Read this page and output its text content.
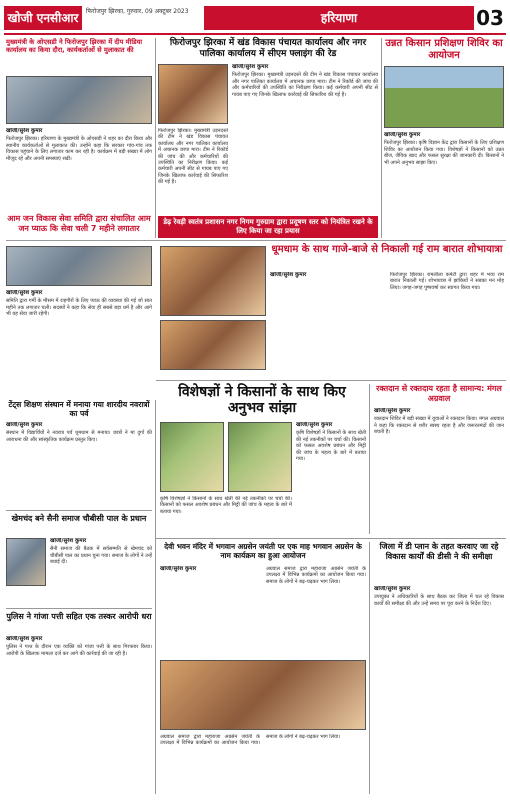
खोजी एनसीआर	फिरोजपुर झिरका, गुरुवार, 09 अक्टूबर 2023	हरियाणा	03
मुख्यमंत्री के ओएसडी ने फिरोजपुर झिरका में दीप मीडिया कार्यालय का किया दौरा, कार्यकर्ताओं से मुलाकात की
खोजी/सुरेश कुमार
फिरोजपुर झिरका। हरियाणा के मुख्यमंत्री के ओएसडी ने शहर का दौरा किया और स्थानीय कार्यकर्ताओं से मुलाकात की। उन्होंने कहा कि सरकार गांव-गांव तक विकास पहुंचाने के लिए लगातार काम कर रही है। कार्यक्रम में बड़ी संख्या में लोग मौजूद रहे और अपनी समस्याएं रखीं।
फिरोजपुर झिरका में खंड विकास पंचायत कार्यालय और नगर पालिका कार्यालय में सीएम फ्लाइंग की रेड
खोजी/सुरेश कुमार
फिरोजपुर झिरका। मुख्यमंत्री उड़नदस्ते की टीम ने खंड विकास पंचायत कार्यालय और नगर पालिका कार्यालय में अचानक छापा मारा। टीम ने रिकॉर्ड की जांच की और कर्मचारियों की उपस्थिति का निरीक्षण किया। कई कर्मचारी अपनी सीट से गायब पाए गए जिनके खिलाफ कार्रवाई की सिफारिश की गई है।
फिरोजपुर झिरका। मुख्यमंत्री उड़नदस्ते की टीम ने खंड विकास पंचायत कार्यालय और नगर पालिका कार्यालय में अचानक छापा मारा। टीम ने रिकॉर्ड की जांच की और कर्मचारियों की उपस्थिति का निरीक्षण किया। कई कर्मचारी अपनी सीट से गायब पाए गए जिनके खिलाफ कार्रवाई की सिफारिश की गई है।
डेढ़ रेवड़ी स्वतंत्र प्रशासन नगर निगम गुरुग्राम द्वारा प्रदूषण स्तर को नियंत्रित रखने के लिए किया जा रहा प्रयास
उन्नत किसान प्रशिक्षण शिविर का आयोजन
खोजी/सुरेश कुमार
फिरोजपुर झिरका। कृषि विज्ञान केंद्र द्वारा किसानों के लिए प्रशिक्षण शिविर का आयोजन किया गया। विशेषज्ञों ने किसानों को उन्नत बीज, जैविक खाद और फसल सुरक्षा की जानकारी दी। किसानों ने भी अपने अनुभव साझा किए।
आम जन विकास सेवा समिति द्वारा संचालित आम जन प्याऊ कि सेवा चली 7 महीने लगातार
खोजी/सुरेश कुमार
समिति द्वारा गर्मी के मौसम में राहगीरों के लिए प्याऊ की व्यवस्था की गई जो सात महीने तक लगातार चली। सदस्यों ने कहा कि सेवा ही सबसे बड़ा धर्म है और आगे भी यह सेवा जारी रहेगी।
धूमधाम के साथ गाजे-बाजे से निकाली गई राम बारात शोभायात्रा
खोजी/सुरेश कुमार	फिरोजपुर झिरका। रामलीला कमेटी द्वारा शहर में भव्य राम बारात निकाली गई। शोभायात्रा में झांकियों ने सबका मन मोह लिया। जगह-जगह पुष्पवर्षा कर स्वागत किया गया।
टेंट्स शिक्षण संस्थान में मनाया गया शारदीय नवरात्रों का पर्व
खोजी/सुरेश कुमार
संस्थान में विद्यार्थियों ने नवरात्र पर्व धूमधाम से मनाया। छात्रों ने मां दुर्गा की आराधना की और सांस्कृतिक कार्यक्रम प्रस्तुत किए।
विशेषज्ञों ने किसानों के साथ किए अनुभव सांझा
खोजी/सुरेश कुमार
कृषि विशेषज्ञों ने किसानों के साथ खेती की नई तकनीकों पर चर्चा की। किसानों को फसल अवशेष प्रबंधन और मिट्टी की जांच के महत्व के बारे में बताया गया।
कृषि विशेषज्ञों ने किसानों के साथ खेती की नई तकनीकों पर चर्चा की। किसानों को फसल अवशेष प्रबंधन और मिट्टी की जांच के महत्व के बारे में बताया गया।
रक्तदान से रक्तदाय रहता है सामान्य: मंगल अग्रवाल
खोजी/सुरेश कुमार
रक्तदान शिविर में बड़ी संख्या में युवाओं ने रक्तदान किया। मंगल अग्रवाल ने कहा कि रक्तदान से शरीर स्वस्थ रहता है और जरूरतमंदों की जान बचती है।
खेमचंद बने सैनी समाज चौबीसी पाल के प्रधान
खोजी/सुरेश कुमार
सैनी समाज की बैठक में सर्वसम्मति से खेमचंद को चौबीसी पाल का प्रधान चुना गया। समाज के लोगों ने उन्हें बधाई दी।
पुलिस ने गांजा पत्ती सहित एक तस्कर आरोपी धरा
खोजी/सुरेश कुमार
पुलिस ने गश्त के दौरान एक व्यक्ति को गांजा पत्ती के साथ गिरफ्तार किया। आरोपी के खिलाफ मामला दर्ज कर आगे की कार्रवाई की जा रही है।
देवी भवन मंदिर में भगवान अग्रसेन जयंती पर एक माह भगवान अग्रसेन के नाम कार्यक्रम का हुआ आयोजन
खोजी/सुरेश कुमार	अग्रवाल समाज द्वारा महाराजा अग्रसेन जयंती के उपलक्ष्य में विभिन्न कार्यक्रमों का आयोजन किया गया। समाज के लोगों ने बढ़-चढ़कर भाग लिया।
अग्रवाल समाज द्वारा महाराजा अग्रसेन जयंती के उपलक्ष्य में विभिन्न कार्यक्रमों का आयोजन किया गया। समाज के लोगों ने बढ़-चढ़कर भाग लिया।
जिला में डी प्लान के तहत करवाए जा रहे विकास कार्यों की डीसी ने की समीक्षा
खोजी/सुरेश कुमार
उपायुक्त ने अधिकारियों के साथ बैठक कर जिला में चल रहे विकास कार्यों की समीक्षा की और उन्हें समय पर पूरा करने के निर्देश दिए।
